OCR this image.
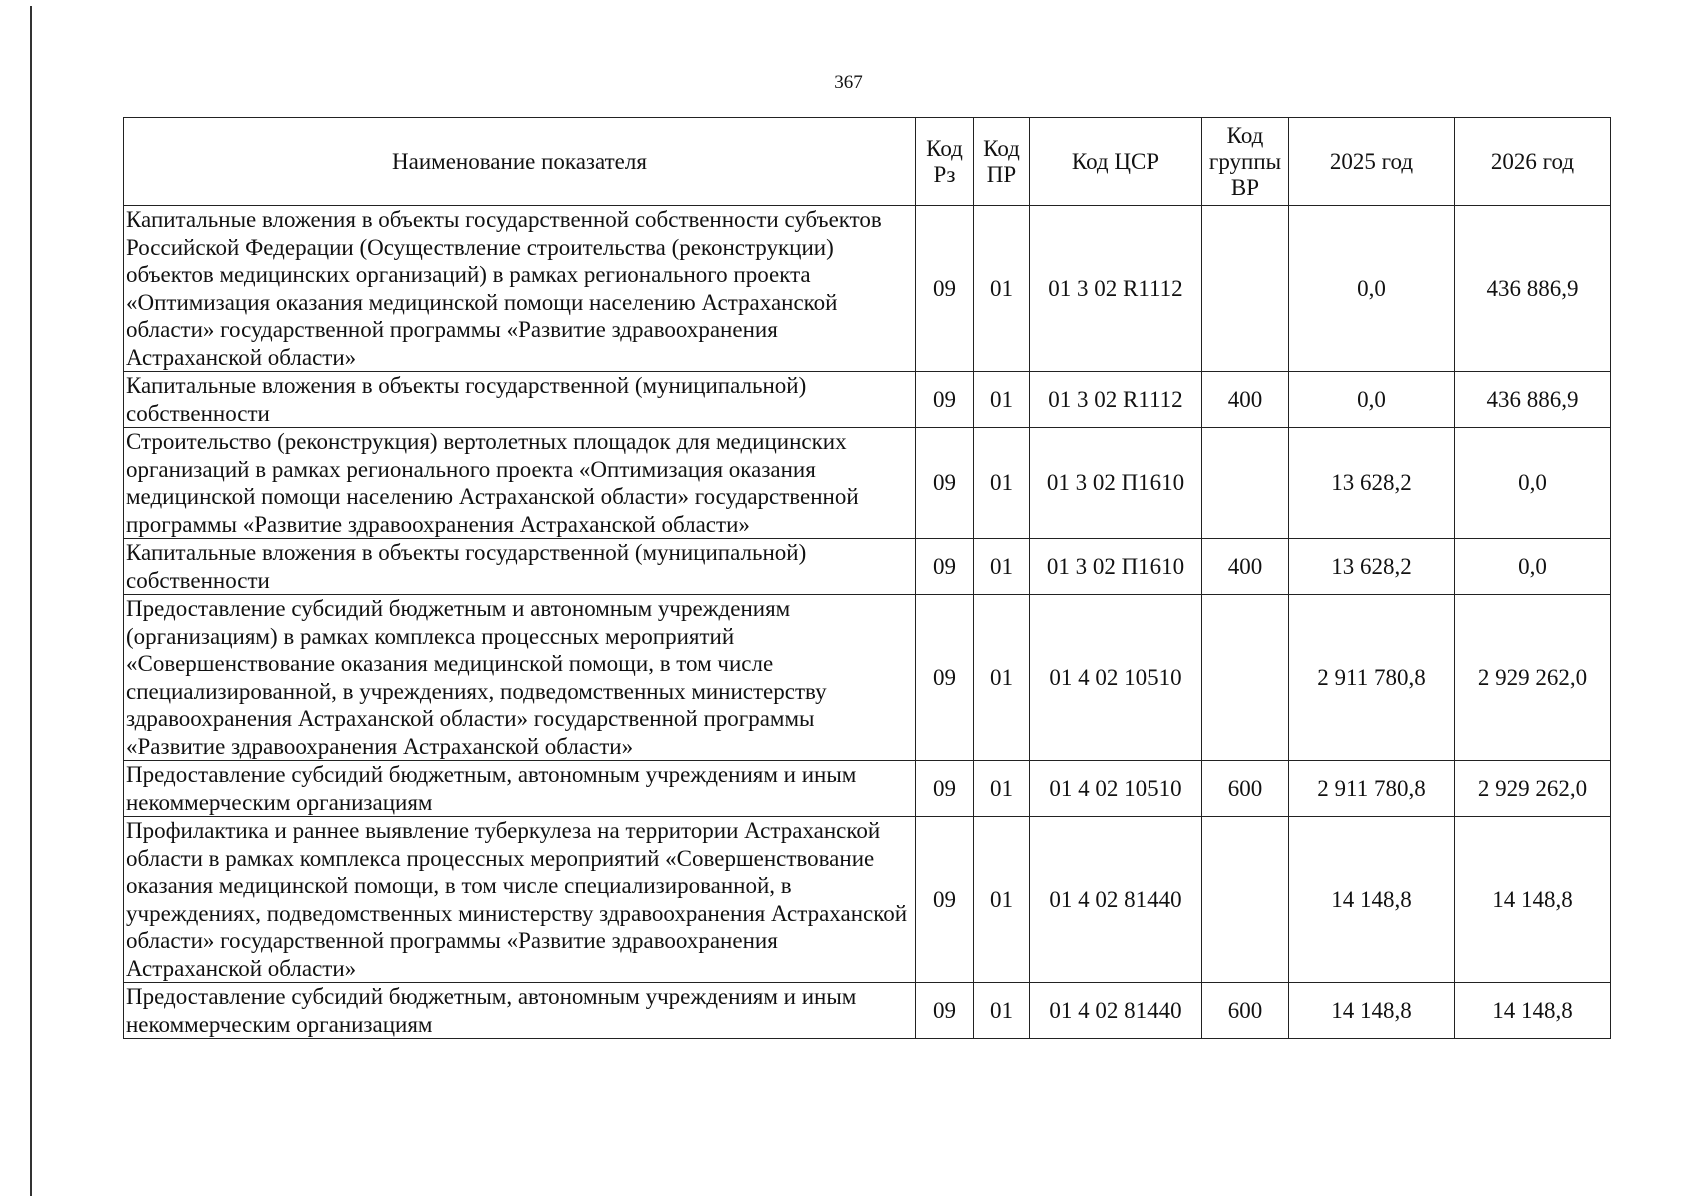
367
Наименование показателя	Код Рз	Код ПР	Код ЦСР	Код группы ВР	2025 год	2026 год
Капитальные вложения в объекты государственной собственности субъектов Российской Федерации (Осуществление строительства (реконструкции) объектов медицинских организаций) в рамках регионального проекта «Оптимизация оказания медицинской помощи населению Астраханской области» государственной программы «Развитие здравоохранения Астраханской области»	09	01	01 3 02 R1112		0,0	436 886,9
Капитальные вложения в объекты государственной (муниципальной) собственности	09	01	01 3 02 R1112	400	0,0	436 886,9
Строительство (реконструкция) вертолетных площадок для медицинских организаций в рамках регионального проекта «Оптимизация оказания медицинской помощи населению Астраханской области» государственной программы «Развитие здравоохранения Астраханской области»	09	01	01 3 02 П1610		13 628,2	0,0
Капитальные вложения в объекты государственной (муниципальной) собственности	09	01	01 3 02 П1610	400	13 628,2	0,0
Предоставление субсидий бюджетным и автономным учреждениям (организациям) в рамках комплекса процессных мероприятий «Совершенствование оказания медицинской помощи, в том числе специализированной, в учреждениях, подведомственных министерству здравоохранения Астраханской области» государственной программы «Развитие здравоохранения Астраханской области»	09	01	01 4 02 10510		2 911 780,8	2 929 262,0
Предоставление субсидий бюджетным, автономным учреждениям и иным некоммерческим организациям	09	01	01 4 02 10510	600	2 911 780,8	2 929 262,0
Профилактика и раннее выявление туберкулеза на территории Астраханской области в рамках комплекса процессных мероприятий «Совершенствование оказания медицинской помощи, в том числе специализированной, в учреждениях, подведомственных министерству здравоохранения Астраханской области» государственной программы «Развитие здравоохранения Астраханской области»	09	01	01 4 02 81440		14 148,8	14 148,8
Предоставление субсидий бюджетным, автономным учреждениям и иным некоммерческим организациям	09	01	01 4 02 81440	600	14 148,8	14 148,8
